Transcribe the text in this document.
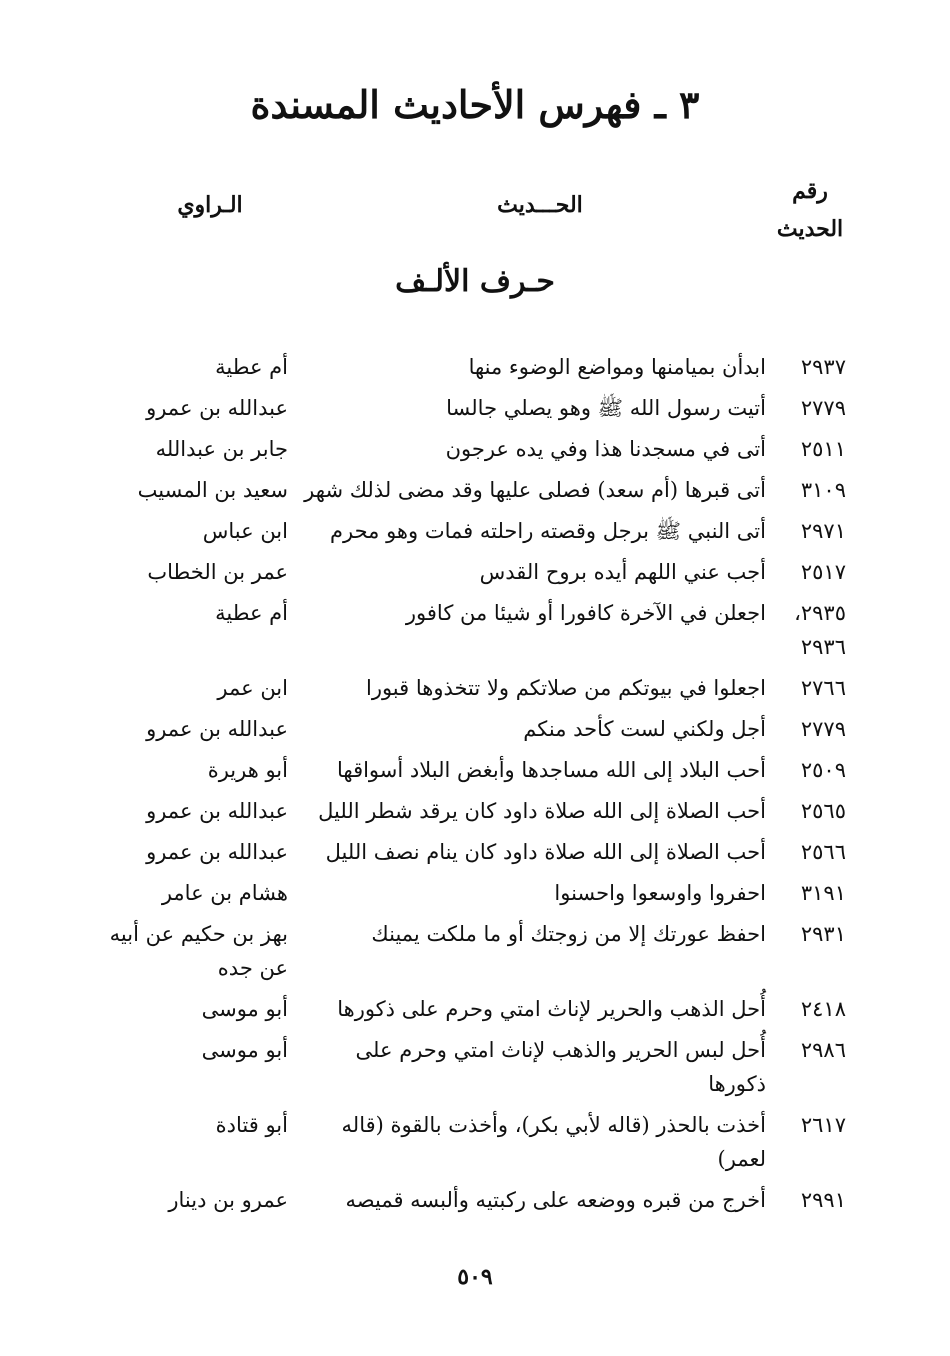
٣ ـ فهرس الأحاديث المسندة
رقم الحديث
الحـــديث
الـراوي
حـرف الألـف
٢٩٣٧
ابدأن بميامنها ومواضع الوضوء منها
أم عطية
٢٧٧٩
أتيت رسول الله ﷺ وهو يصلي جالسا
عبدالله بن عمرو
٢٥١١
أتى في مسجدنا هذا وفي يده عرجون
جابر بن عبدالله
٣١٠٩
أتى قبرها (أم سعد) فصلى عليها وقد مضى لذلك شهر
سعيد بن المسيب
٢٩٧١
أتى النبي ﷺ برجل وقصته راحلته فمات وهو محرم
ابن عباس
٢٥١٧
أجب عني اللهم أيده بروح القدس
عمر بن الخطاب
٢٩٣٥، ٢٩٣٦
اجعلن في الآخرة كافورا أو شيئا من كافور
أم عطية
٢٧٦٦
اجعلوا في بيوتكم من صلاتكم ولا تتخذوها قبورا
ابن عمر
٢٧٧٩
أجل ولكني لست كأحد منكم
عبدالله بن عمرو
٢٥٠٩
أحب البلاد إلى الله مساجدها وأبغض البلاد أسواقها
أبو هريرة
٢٥٦٥
أحب الصلاة إلى الله صلاة داود كان يرقد شطر الليل
عبدالله بن عمرو
٢٥٦٦
أحب الصلاة إلى الله صلاة داود كان ينام نصف الليل
عبدالله بن عمرو
٣١٩١
احفروا واوسعوا واحسنوا
هشام بن عامر
٢٩٣١
احفظ عورتك إلا من زوجتك أو ما ملكت يمينك
بهز بن حكيم عن أبيه عن جده
٢٤١٨
أُحل الذهب والحرير لإناث امتي وحرم على ذكورها
أبو موسى
٢٩٨٦
أُحل لبس الحرير والذهب لإناث امتي وحرم على ذكورها
أبو موسى
٢٦١٧
أخذت بالحذر (قاله لأبي بكر)، وأخذت بالقوة (قاله لعمر)
أبو قتادة
٢٩٩١
أخرج من قبره ووضعه على ركبتيه وألبسه قميصه
عمرو بن دينار
٥٠٩
